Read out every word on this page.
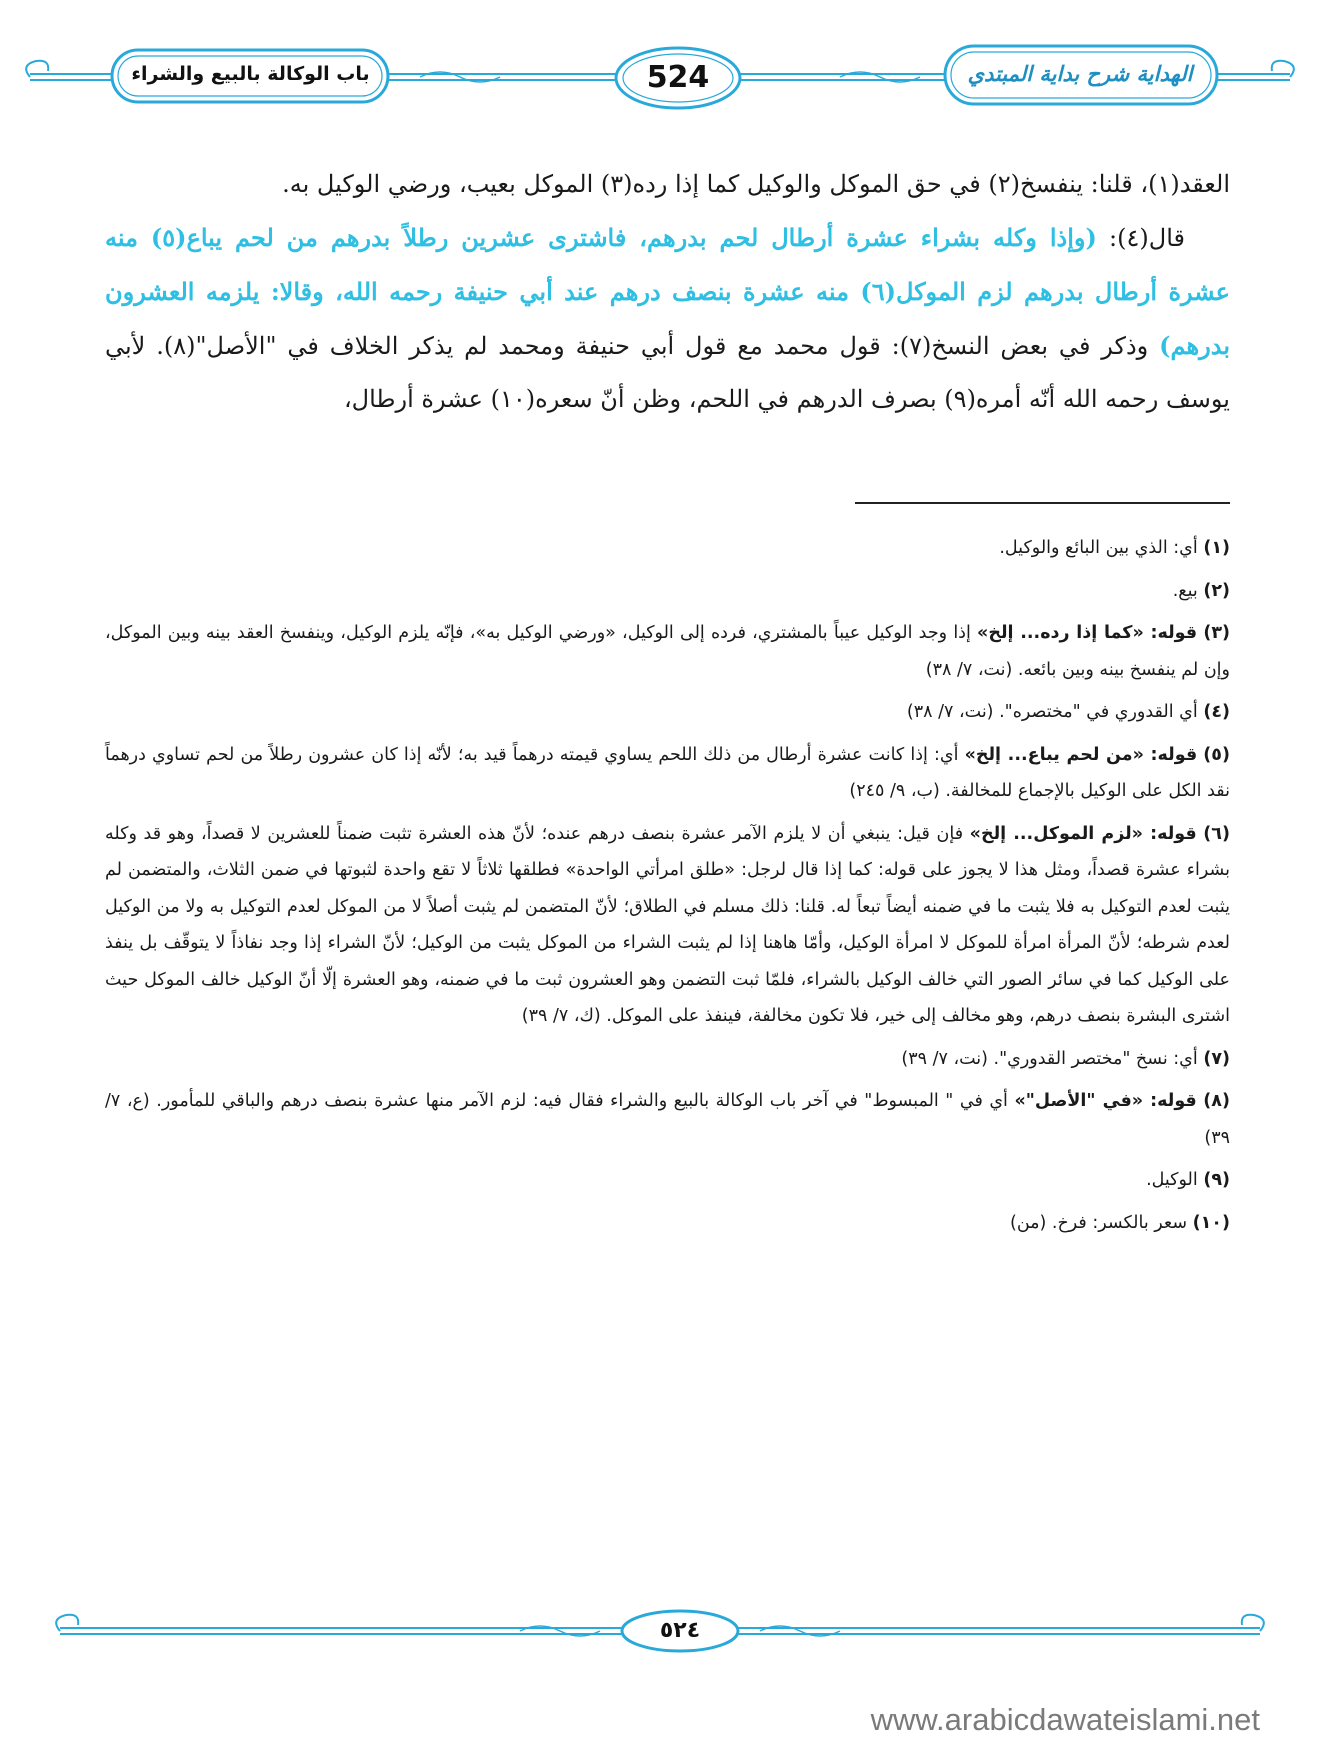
باب الوكالة بالبيع والشراء	524	الهداية شرح بداية المبتدي

العقد(١)، قلنا: ينفسخ(٢) في حق الموكل والوكيل كما إذا رده(٣) الموكل بعيب، ورضي الوكيل به.

قال(٤): (وإذا وكله بشراء عشرة أرطال لحم بدرهم، فاشترى عشرين رطلاً بدرهم من لحم يباع(٥) منه عشرة أرطال بدرهم لزم الموكل(٦) منه عشرة بنصف درهم عند أبي حنيفة رحمه الله، وقالا: يلزمه العشرون بدرهم) وذكر في بعض النسخ(٧): قول محمد مع قول أبي حنيفة ومحمد لم يذكر الخلاف في "الأصل"(٨). لأبي يوسف رحمه الله أنّه أمره(٩) بصرف الدرهم في اللحم، وظن أنّ سعره(١٠) عشرة أرطال،

(١) أي: الذي بين البائع والوكيل.

(٢) بيع.

(٣) قوله: «كما إذا رده... إلخ» إذا وجد الوكيل عيباً بالمشتري، فرده إلى الوكيل، «ورضي الوكيل به»، فإنّه يلزم الوكيل، وينفسخ العقد بينه وبين الموكل، وإن لم ينفسخ بينه وبين بائعه. (نت، ٧/ ٣٨)

(٤) أي القدوري في "مختصره". (نت، ٧/ ٣٨)

(٥) قوله: «من لحم يباع... إلخ» أي: إذا كانت عشرة أرطال من ذلك اللحم يساوي قيمته درهماً قيد به؛ لأنّه إذا كان عشرون رطلاً من لحم تساوي درهماً نقد الكل على الوكيل بالإجماع للمخالفة. (ب، ٩/ ٢٤٥)

(٦) قوله: «لزم الموكل... إلخ» فإن قيل: ينبغي أن لا يلزم الآمر عشرة بنصف درهم عنده؛ لأنّ هذه العشرة تثبت ضمناً للعشرين لا قصداً، وهو قد وكله بشراء عشرة قصداً، ومثل هذا لا يجوز على قوله: كما إذا قال لرجل: «طلق امرأتي الواحدة» فطلقها ثلاثاً لا تقع واحدة لثبوتها في ضمن الثلاث، والمتضمن لم يثبت لعدم التوكيل به فلا يثبت ما في ضمنه أيضاً تبعاً له. قلنا: ذلك مسلم في الطلاق؛ لأنّ المتضمن لم يثبت أصلاً لا من الموكل لعدم التوكيل به ولا من الوكيل لعدم شرطه؛ لأنّ المرأة امرأة للموكل لا امرأة الوكيل، وأمّا هاهنا إذا لم يثبت الشراء من الموكل يثبت من الوكيل؛ لأنّ الشراء إذا وجد نفاذاً لا يتوقّف بل ينفذ على الوكيل كما في سائر الصور التي خالف الوكيل بالشراء، فلمّا ثبت التضمن وهو العشرون ثبت ما في ضمنه، وهو العشرة إلّا أنّ الوكيل خالف الموكل حيث اشترى البشرة بنصف درهم، وهو مخالف إلى خير، فلا تكون مخالفة، فينفذ على الموكل. (ك، ٧/ ٣٩)

(٧) أي: نسخ "مختصر القدوري". (نت، ٧/ ٣٩)

(٨) قوله: «في "الأصل"» أي في " المبسوط" في آخر باب الوكالة بالبيع والشراء فقال فيه: لزم الآمر منها عشرة بنصف درهم والباقي للمأمور. (ع، ٧/ ٣٩)

(٩) الوكيل.

(١٠) سعر بالكسر: فرخ. (من)

٥٢٤
www.arabicdawateislami.net
